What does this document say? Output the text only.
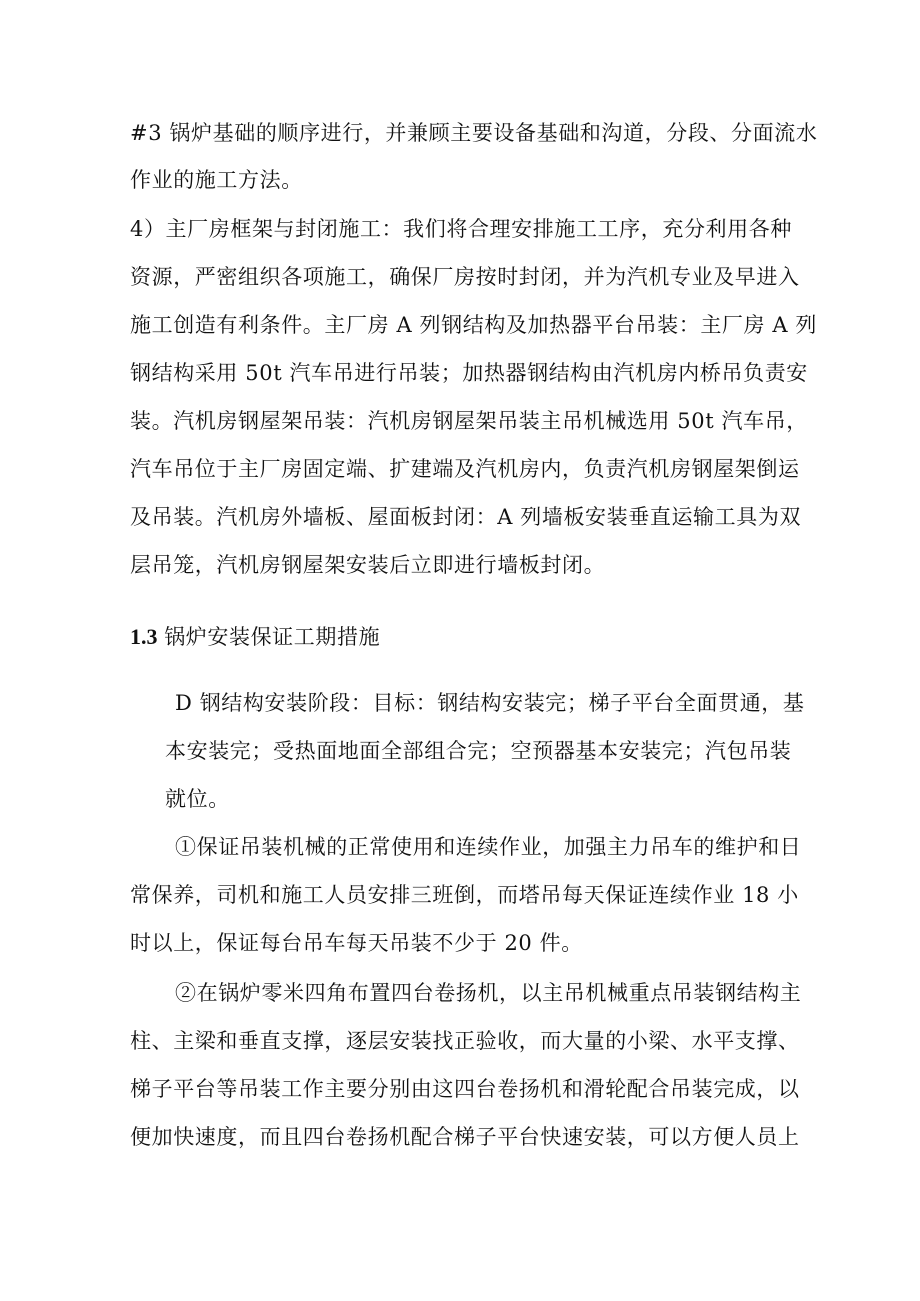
#3 锅炉基础的顺序进行，并兼顾主要设备基础和沟道，分段、分面流水
作业的施工方法。
4）主厂房框架与封闭施工：我们将合理安排施工工序，充分利用各种
资源，严密组织各项施工，确保厂房按时封闭，并为汽机专业及早进入
施工创造有利条件。主厂房 A 列钢结构及加热器平台吊装：主厂房 A 列
钢结构采用 50t 汽车吊进行吊装；加热器钢结构由汽机房内桥吊负责安
装。汽机房钢屋架吊装：汽机房钢屋架吊装主吊机械选用 50t 汽车吊，
汽车吊位于主厂房固定端、扩建端及汽机房内，负责汽机房钢屋架倒运
及吊装。汽机房外墙板、屋面板封闭：A 列墙板安装垂直运输工具为双
层吊笼，汽机房钢屋架安装后立即进行墙板封闭。
1.3 锅炉安装保证工期措施
D 钢结构安装阶段：目标：钢结构安装完；梯子平台全面贯通，基
本安装完；受热面地面全部组合完；空预器基本安装完；汽包吊装
就位。
①保证吊装机械的正常使用和连续作业，加强主力吊车的维护和日
常保养，司机和施工人员安排三班倒，而塔吊每天保证连续作业 18 小
时以上，保证每台吊车每天吊装不少于 20 件。
②在锅炉零米四角布置四台卷扬机，以主吊机械重点吊装钢结构主
柱、主梁和垂直支撑，逐层安装找正验收，而大量的小梁、水平支撑、
梯子平台等吊装工作主要分别由这四台卷扬机和滑轮配合吊装完成，以
便加快速度，而且四台卷扬机配合梯子平台快速安装，可以方便人员上
